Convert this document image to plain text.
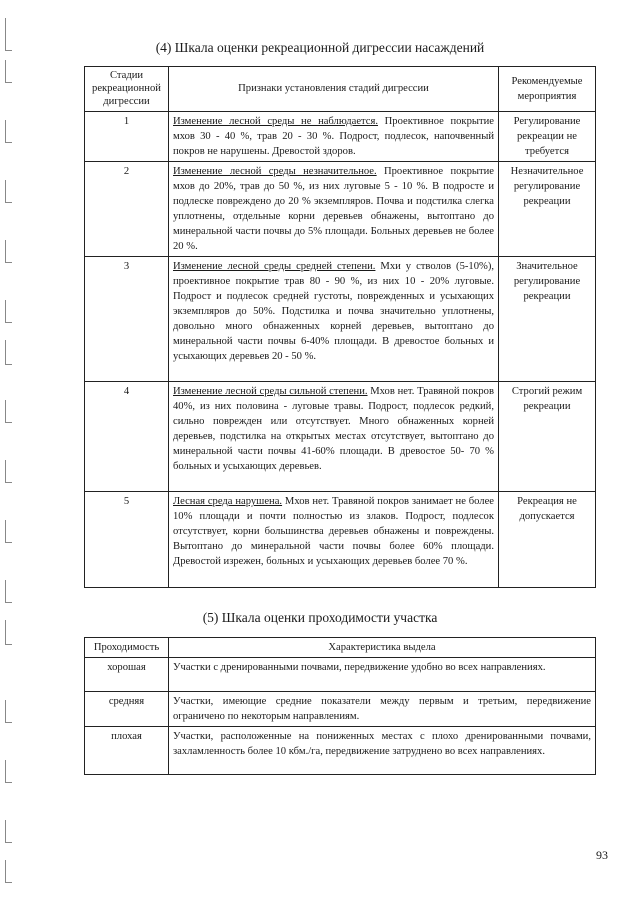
(4) Шкала оценки рекреационной дигрессии насаждений
Стадии рекреационной дигрессии	Признаки установления стадий дигрессии	Рекомендуемые мероприятия
1	Изменение лесной среды не наблюдается. Проективное покрытие мхов 30 - 40 %, трав 20 - 30 %. Подрост, подлесок, напочвенный покров не нарушены. Древостой здоров.	Регулирование рекреации не требуется
2	Изменение лесной среды незначительное. Проективное покрытие мхов до 20%, трав до 50 %, из них луговые 5 - 10 %. В подросте и подлеске повреждено до 20 % экземпляров. Почва и подстилка слегка уплотнены, отдельные корни деревьев обнажены, вытоптано до минеральной части почвы до 5% площади. Больных деревьев не более 20 %.	Незначительное регулирование рекреации
3	Изменение лесной среды средней степени. Мхи у стволов (5-10%), проективное покрытие трав 80 - 90 %, из них 10 - 20% луговые. Подрост и подлесок средней густоты, поврежденных и усыхающих экземпляров до 50%. Подстилка и почва значительно уплотнены, довольно много обнаженных корней деревьев, вытоптано до минеральной части почвы 6-40% площади. В древостое больных и усыхающих деревьев 20 - 50 %.	Значительное регулирование рекреации
4	Изменение лесной среды сильной степени. Мхов нет. Травяной покров 40%, из них половина - луговые травы. Подрост, подлесок редкий, сильно поврежден или отсутствует. Много обнаженных корней деревьев, подстилка на открытых местах отсутствует, вытоптано до минеральной части почвы 41-60% площади. В древостое 50- 70 % больных и усыхающих деревьев.	Строгий режим рекреации
5	Лесная среда нарушена. Мхов нет. Травяной покров занимает не более 10% площади и почти полностью из злаков. Подрост, подлесок отсутствует, корни большинства деревьев обнажены и повреждены. Вытоптано до минеральной части почвы более 60% площади. Древостой изрежен, больных и усыхающих деревьев более 70 %.	Рекреация не допускается
(5) Шкала оценки проходимости участка
Проходимость	Характеристика выдела
хорошая	Участки с дренированными почвами, передвижение удобно во всех направлениях.
средняя	Участки, имеющие средние показатели между первым и третьим, передвижение ограничено по некоторым направлениям.
плохая	Участки, расположенные на пониженных местах с плохо дренированными почвами, захламленность более 10 кбм./га, передвижение затруднено во всех направлениях.
93
